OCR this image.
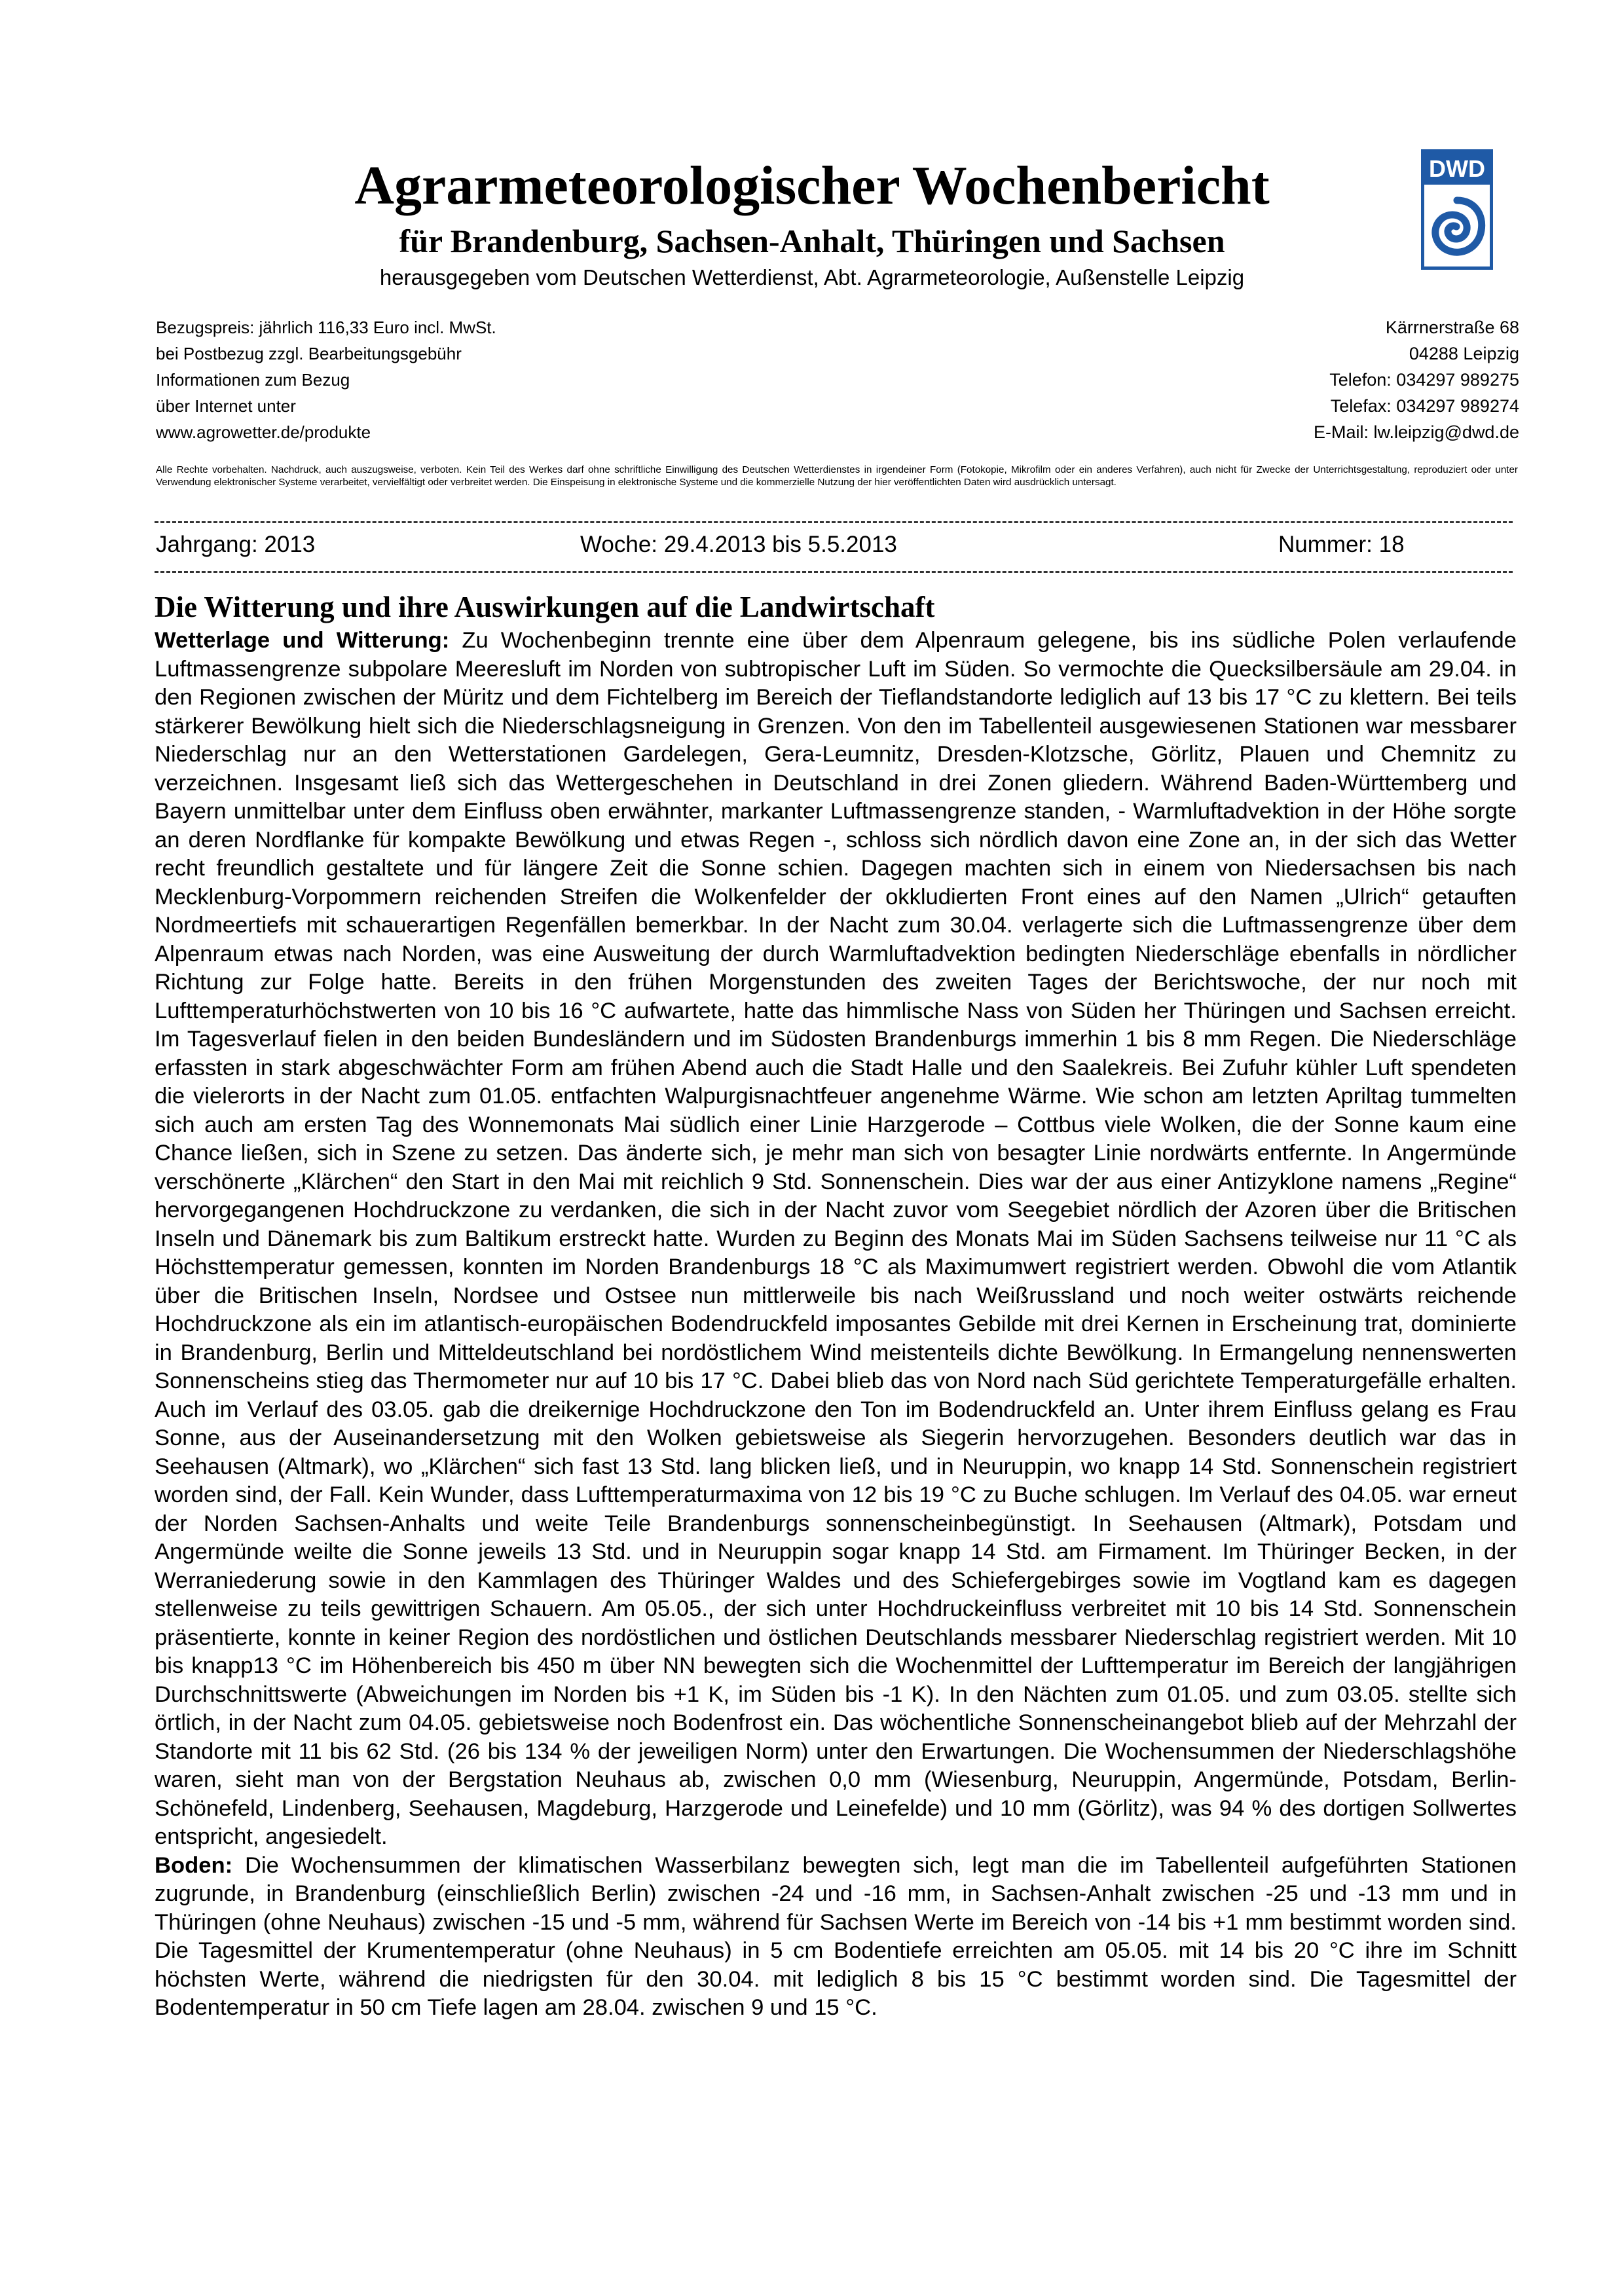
Agrarmeteorologischer Wochenbericht
für Brandenburg, Sachsen-Anhalt, Thüringen und Sachsen
herausgegeben vom Deutschen Wetterdienst, Abt. Agrarmeteorologie, Außenstelle Leipzig
DWD
Bezugspreis: jährlich 116,33 Euro incl. MwSt.
bei Postbezug zzgl. Bearbeitungsgebühr
Informationen zum Bezug
über Internet unter
www.agrowetter.de/produkte
Kärrnerstraße 68
04288 Leipzig
Telefon: 034297 989275
Telefax: 034297 989274
E-Mail: lw.leipzig@dwd.de
Alle Rechte vorbehalten. Nachdruck, auch auszugsweise, verboten. Kein Teil des Werkes darf ohne schriftliche Einwilligung des Deutschen Wetterdienstes in irgendeiner Form (Fotokopie, Mikrofilm oder ein anderes Verfahren), auch nicht für Zwecke der Unterrichtsgestaltung, reproduziert oder unter Verwendung elektronischer Systeme verarbeitet, vervielfältigt oder verbreitet werden. Die Einspeisung in elektronische Systeme und die kommerzielle Nutzung der hier veröffentlichten Daten wird ausdrücklich untersagt.
Jahrgang: 2013	Woche: 29.4.2013 bis 5.5.2013	Nummer: 18
Die Witterung und ihre Auswirkungen auf die Landwirtschaft

Wetterlage und Witterung: Zu Wochenbeginn trennte eine über dem Alpenraum gelegene, bis ins südliche Polen verlaufende Luftmassengrenze subpolare Meeresluft im Norden von subtropischer Luft im Süden. So vermochte die Quecksilbersäule am 29.04. in den Regionen zwischen der Müritz und dem Fichtelberg im Bereich der Tieflandstandorte lediglich auf 13 bis 17 °C zu klettern. Bei teils stärkerer Bewölkung hielt sich die Niederschlagsneigung in Grenzen. Von den im Tabellenteil ausgewiesenen Stationen war messbarer Niederschlag nur an den Wetterstationen Gardelegen, Gera-Leumnitz, Dresden-Klotzsche, Görlitz, Plauen und Chemnitz zu verzeichnen. Insgesamt ließ sich das Wettergeschehen in Deutschland in drei Zonen gliedern. Während Baden-Württemberg und Bayern unmittelbar unter dem Einfluss oben erwähnter, markanter Luftmassengrenze standen, - Warmluftadvektion in der Höhe sorgte an deren Nordflanke für kompakte Bewölkung und etwas Regen -, schloss sich nördlich davon eine Zone an, in der sich das Wetter recht freundlich gestaltete und für längere Zeit die Sonne schien. Dagegen machten sich in einem von Niedersachsen bis nach Mecklenburg-Vorpommern reichenden Streifen die Wolkenfelder der okkludierten Front eines auf den Namen „Ulrich“ getauften Nordmeertiefs mit schauerartigen Regenfällen bemerkbar. In der Nacht zum 30.04. verlagerte sich die Luftmassengrenze über dem Alpenraum etwas nach Norden, was eine Ausweitung der durch Warmluftadvektion bedingten Niederschläge ebenfalls in nördlicher Richtung zur Folge hatte. Bereits in den frühen Morgenstunden des zweiten Tages der Berichtswoche, der nur noch mit Lufttemperaturhöchstwerten von 10 bis 16 °C aufwartete, hatte das himmlische Nass von Süden her Thüringen und Sachsen erreicht. Im Tagesverlauf fielen in den beiden Bundesländern und im Südosten Brandenburgs immerhin 1 bis 8 mm Regen. Die Niederschläge erfassten in stark abgeschwächter Form am frühen Abend auch die Stadt Halle und den Saalekreis. Bei Zufuhr kühler Luft spendeten die vielerorts in der Nacht zum 01.05. entfachten Walpurgisnachtfeuer angenehme Wärme. Wie schon am letzten Apriltag tummelten sich auch am ersten Tag des Wonnemonats Mai südlich einer Linie Harzgerode – Cottbus viele Wolken, die der Sonne kaum eine Chance ließen, sich in Szene zu setzen. Das änderte sich, je mehr man sich von besagter Linie nordwärts entfernte. In Angermünde verschönerte „Klärchen“ den Start in den Mai mit reichlich 9 Std. Sonnenschein. Dies war der aus einer Antizyklone namens „Regine“ hervorgegangenen Hochdruckzone zu verdanken, die sich in der Nacht zuvor vom Seegebiet nördlich der Azoren über die Britischen Inseln und Dänemark bis zum Baltikum erstreckt hatte. Wurden zu Beginn des Monats Mai im Süden Sachsens teilweise nur 11 °C als Höchsttemperatur gemessen, konnten im Norden Brandenburgs 18 °C als Maximumwert registriert werden. Obwohl die vom Atlantik über die Britischen Inseln, Nordsee und Ostsee nun mittlerweile bis nach Weißrussland und noch weiter ostwärts reichende Hochdruckzone als ein im atlantisch-europäischen Bodendruckfeld imposantes Gebilde mit drei Kernen in Erscheinung trat, dominierte in Brandenburg, Berlin und Mitteldeutschland bei nordöstlichem Wind meistenteils dichte Bewölkung. In Ermangelung nennenswerten Sonnenscheins stieg das Thermometer nur auf 10 bis 17 °C. Dabei blieb das von Nord nach Süd gerichtete Temperaturgefälle erhalten. Auch im Verlauf des 03.05. gab die dreikernige Hochdruckzone den Ton im Bodendruckfeld an. Unter ihrem Einfluss gelang es Frau Sonne, aus der Auseinandersetzung mit den Wolken gebietsweise als Siegerin hervorzugehen. Besonders deutlich war das in Seehausen (Altmark), wo „Klärchen“ sich fast 13 Std. lang blicken ließ, und in Neuruppin, wo knapp 14 Std. Sonnenschein registriert worden sind, der Fall. Kein Wunder, dass Lufttemperaturmaxima von 12 bis 19 °C zu Buche schlugen. Im Verlauf des 04.05. war erneut der Norden Sachsen-Anhalts und weite Teile Brandenburgs sonnenscheinbegünstigt. In Seehausen (Altmark), Potsdam und Angermünde weilte die Sonne jeweils 13 Std. und in Neuruppin sogar knapp 14 Std. am Firmament. Im Thüringer Becken, in der Werraniederung sowie in den Kammlagen des Thüringer Waldes und des Schiefergebirges sowie im Vogtland kam es dagegen stellenweise zu teils gewittrigen Schauern. Am 05.05., der sich unter Hochdruckeinfluss verbreitet mit 10 bis 14 Std. Sonnenschein präsentierte, konnte in keiner Region des nordöstlichen und östlichen Deutschlands messbarer Niederschlag registriert werden. Mit 10 bis knapp13 °C im Höhenbereich bis 450 m über NN bewegten sich die Wochenmittel der Lufttemperatur im Bereich der langjährigen Durchschnittswerte (Abweichungen im Norden bis +1 K, im Süden bis -1 K). In den Nächten zum 01.05. und zum 03.05. stellte sich örtlich, in der Nacht zum 04.05. gebietsweise noch Bodenfrost ein. Das wöchentliche Sonnenscheinangebot blieb auf der Mehrzahl der Standorte mit 11 bis 62 Std. (26 bis 134 % der jeweiligen Norm) unter den Erwartungen. Die Wochensummen der Niederschlagshöhe waren, sieht man von der Bergstation Neuhaus ab, zwischen 0,0 mm (Wiesenburg, Neuruppin, Angermünde, Potsdam, Berlin-Schönefeld, Lindenberg, Seehausen, Magdeburg, Harzgerode und Leinefelde) und 10 mm (Görlitz), was 94 % des dortigen Sollwertes entspricht, angesiedelt.

Boden: Die Wochensummen der klimatischen Wasserbilanz bewegten sich, legt man die im Tabellenteil aufgeführten Stationen zugrunde, in Brandenburg (einschließlich Berlin) zwischen -24 und -16 mm, in Sachsen-Anhalt zwischen -25 und -13 mm und in Thüringen (ohne Neuhaus) zwischen -15 und -5 mm, während für Sachsen Werte im Bereich von -14 bis +1 mm bestimmt worden sind. Die Tagesmittel der Krumentemperatur (ohne Neuhaus) in 5 cm Bodentiefe erreichten am 05.05. mit 14 bis 20 °C ihre im Schnitt höchsten Werte, während die niedrigsten für den 30.04. mit lediglich 8 bis 15 °C bestimmt worden sind. Die Tagesmittel der Bodentemperatur in 50 cm Tiefe lagen am 28.04. zwischen 9 und 15 °C.
